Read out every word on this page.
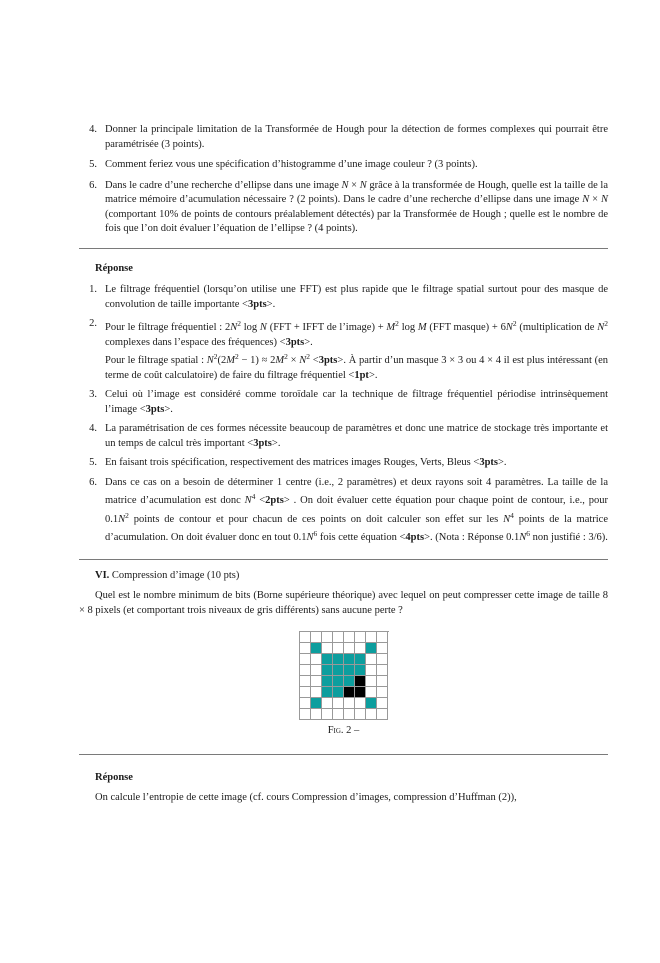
4. Donner la principale limitation de la Transformée de Hough pour la détection de formes complexes qui pourrait être paramétrisée (3 points).
5. Comment feriez vous une spécification d’histogramme d’une image couleur ? (3 points).
6. Dans le cadre d’une recherche d’ellipse dans une image N × N grâce à la transformée de Hough, quelle est la taille de la matrice mémoire d’acumulation nécessaire ? (2 points). Dans le cadre d’une recherche d’ellipse dans une image N × N (comportant 10% de points de contours préalablement détectés) par la Transformée de Hough ; quelle est le nombre de fois que l’on doit évaluer l’équation de l’ellipse ? (4 points).
Réponse
1. Le filtrage fréquentiel (lorsqu’on utilise une FFT) est plus rapide que le filtrage spatial surtout pour des masque de convolution de taille importante <3pts>.
2. Pour le filtrage fréquentiel : $2N^2$ log N (FFT + IFFT de l’image) + $M^2$ log M (FFT masque) + $6N^2$ (multiplication de $N^2$ complexes dans l’espace des fréquences) <3pts>.
Pour le filtrage spatial : $N^2(2M^2 - 1) \approx 2M^2 \times N^2 <3pts>$. À partir d’un masque 3 × 3 ou 4 × 4 il est plus intéressant (en terme de coût calculatoire) de faire du filtrage fréquentiel <1pt>.
3. Celui où l’image est considéré comme toroïdale car la technique de filtrage fréquentiel périodise intrinsèquement l’image <3pts>.
4. La paramétrisation de ces formes nécessite beaucoup de paramètres et donc une matrice de stockage très importante et un temps de calcul très important <3pts>.
5. En faisant trois spécification, respectivement des matrices images Rouges, Verts, Bleus <3pts>.
6. Dans ce cas on a besoin de déterminer 1 centre (i.e., 2 paramètres) et deux rayons soit 4 paramètres. La taille de la matrice d’acumulation est donc $N^4 <2pts>$ . On doit évaluer cette équation pour chaque point de contour, i.e., pour $0.1N^2$ points de contour et pour chacun de ces points on doit calculer son effet sur les $N^4$ points de la matrice d’acumulation. On doit évaluer donc en tout $0.1N^6$ fois cette équation <4pts>. (Nota : Réponse $0.1N^6$ non justifié : 3/6).
VI. Compression d’image (10 pts)

Quel est le nombre minimum de bits (Borne supérieure théorique) avec lequel on peut compresser cette image de taille 8 × 8 pixels (et comportant trois niveaux de gris différents) sans aucune perte ?

Fig. 2 –
Réponse

On calcule l’entropie de cette image (cf. cours Compression d’images, compression d’Huffman (2)),
